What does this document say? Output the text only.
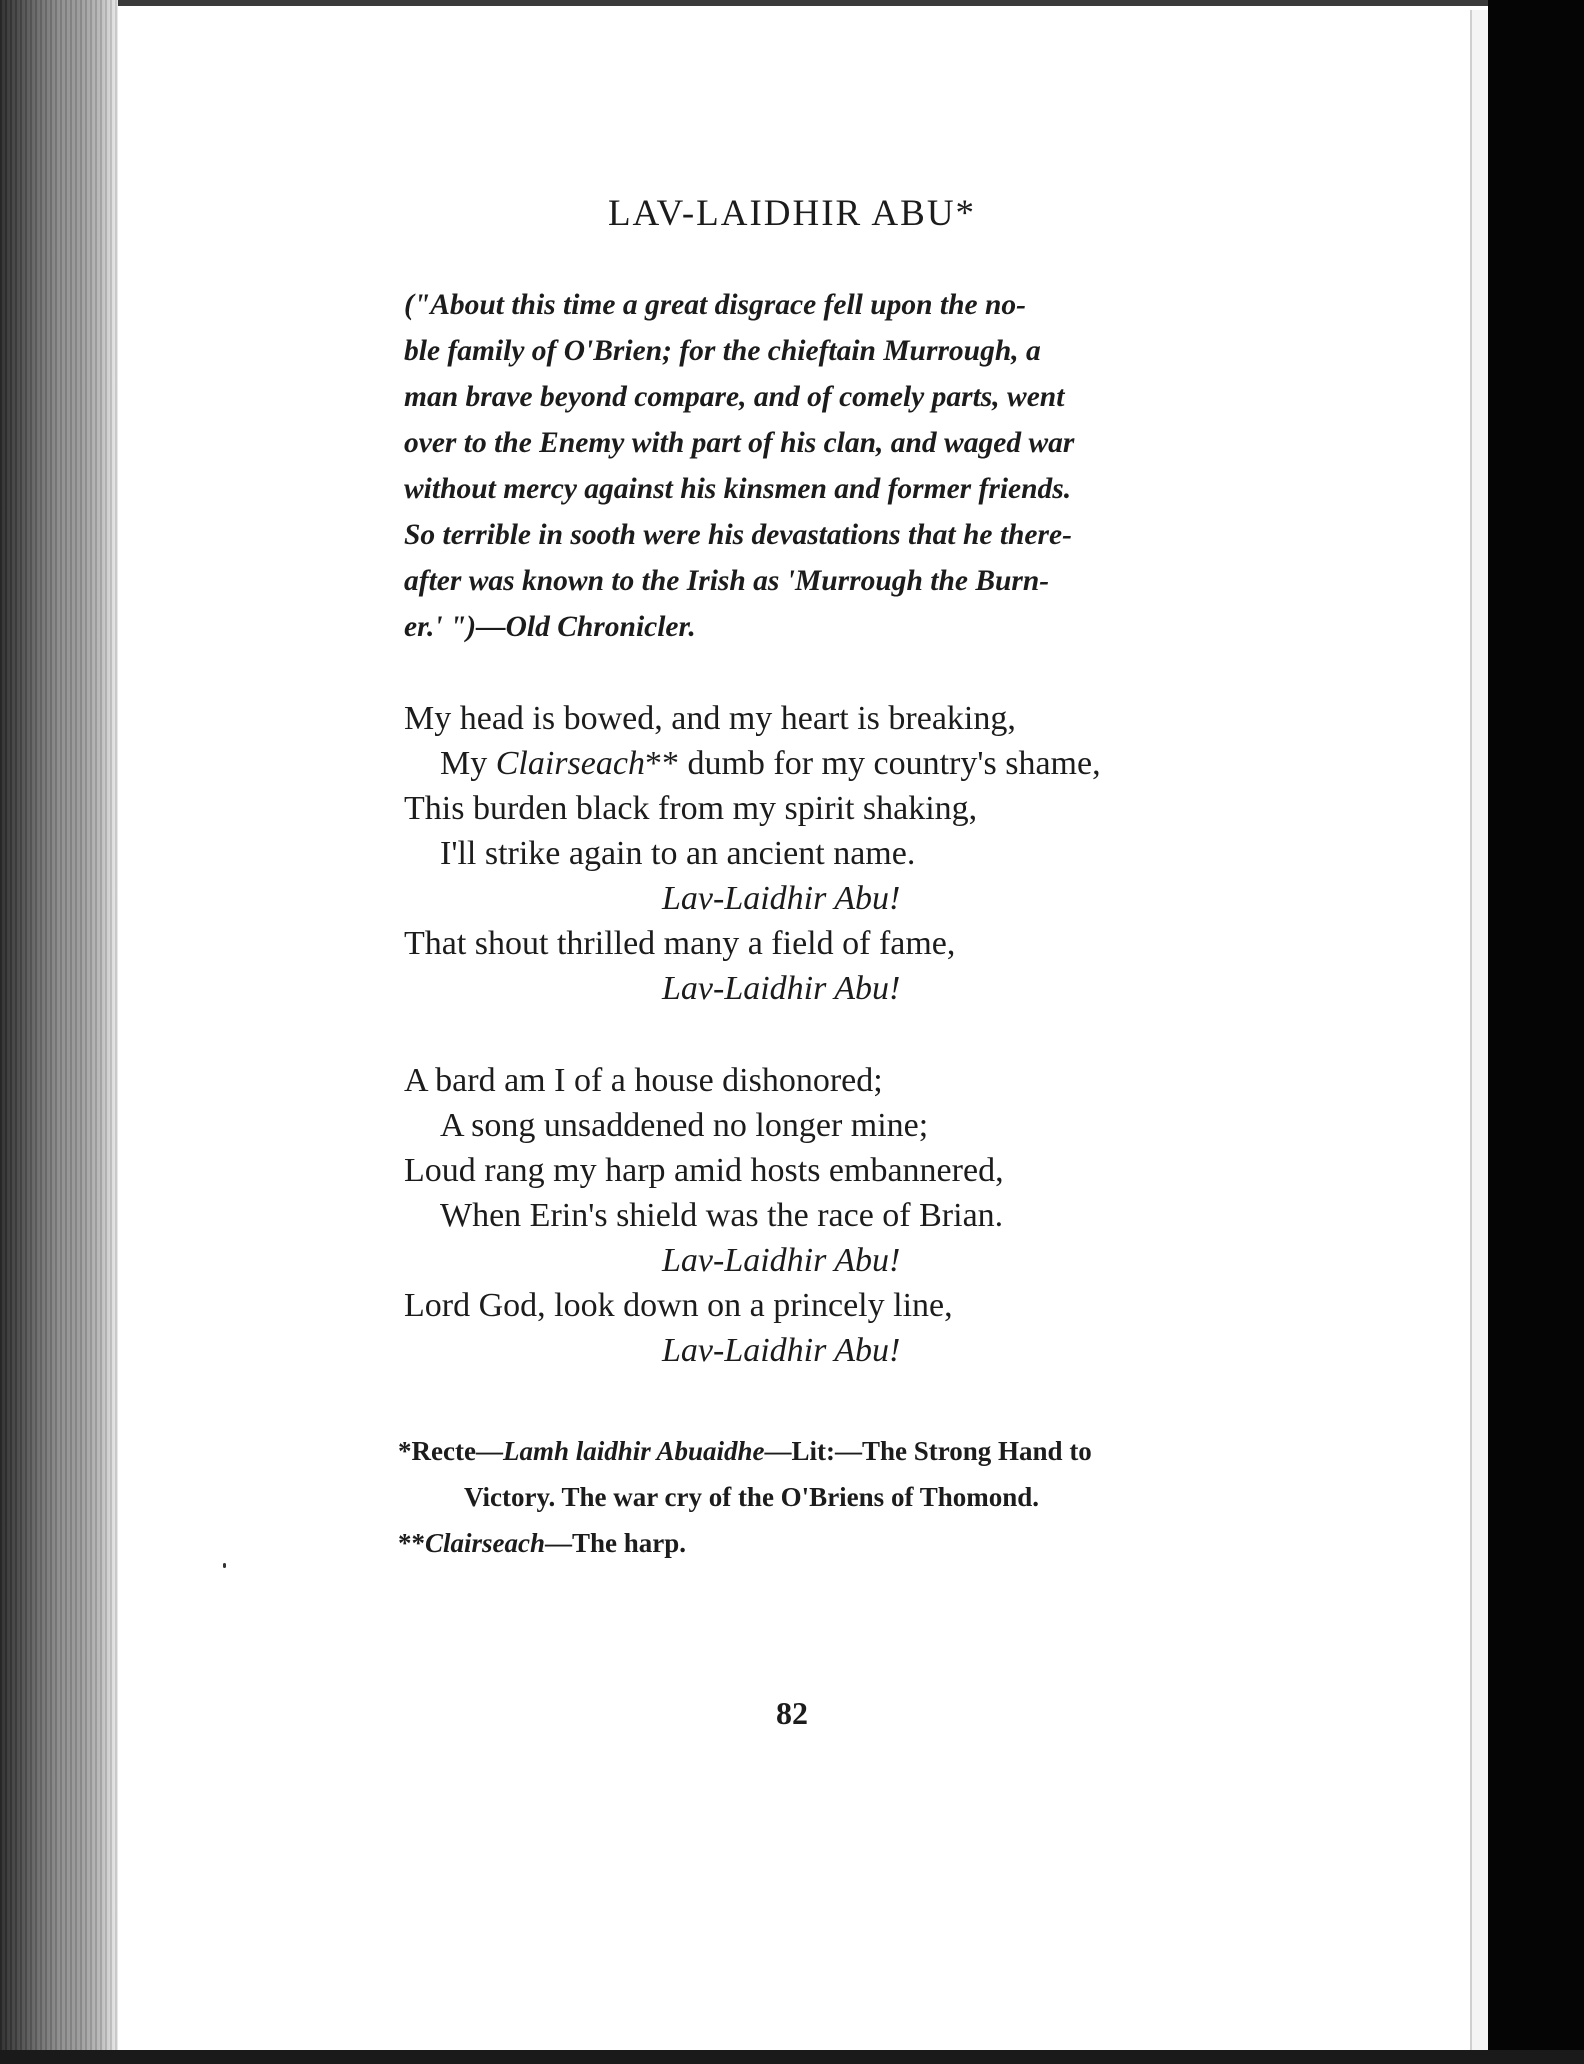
LAV-LAIDHIR ABU*
("About this time a great disgrace fell upon the no-
ble family of O'Brien; for the chieftain Murrough, a
man brave beyond compare, and of comely parts, went
over to the Enemy with part of his clan, and waged war
without mercy against his kinsmen and former friends.
So terrible in sooth were his devastations that he there-
after was known to the Irish as 'Murrough the Burn-
er.' ")—Old Chronicler.
My head is bowed, and my heart is breaking,
My Clairseach** dumb for my country's shame,
This burden black from my spirit shaking,
I'll strike again to an ancient name.
Lav-Laidhir Abu!
That shout thrilled many a field of fame,
Lav-Laidhir Abu!
A bard am I of a house dishonored;
A song unsaddened no longer mine;
Loud rang my harp amid hosts embannered,
When Erin's shield was the race of Brian.
Lav-Laidhir Abu!
Lord God, look down on a princely line,
Lav-Laidhir Abu!
*Recte—Lamh laidhir Abuaidhe—Lit:—The Strong Hand to
Victory. The war cry of the O'Briens of Thomond.
**Clairseach—The harp.
82
